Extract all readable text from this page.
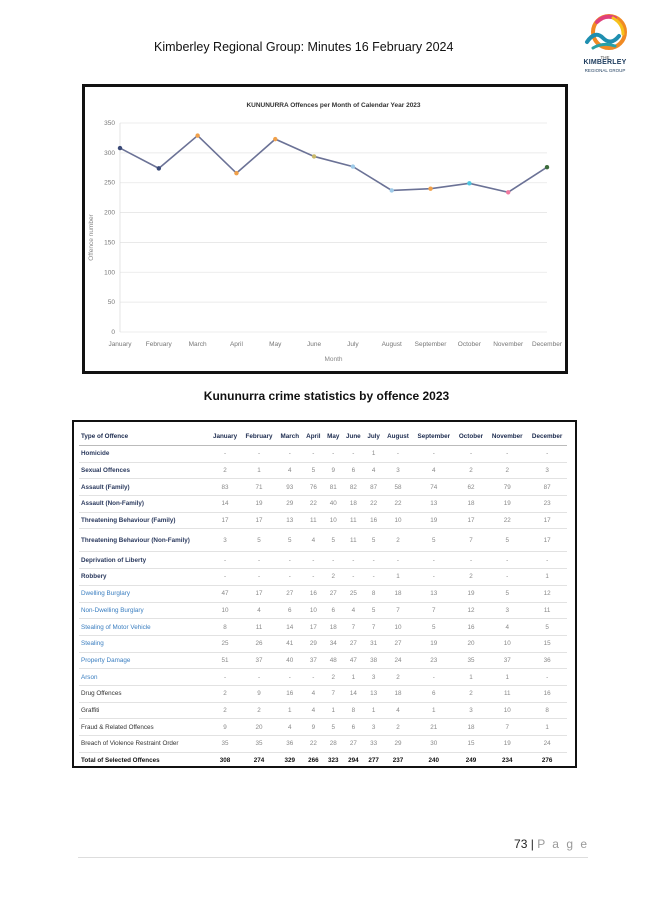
Kimberley Regional Group: Minutes 16 February 2024
THE
KIMBERLEY
REGIONAL GROUP
KUNUNURRA Offences per Month of Calendar Year 2023
0
50
100
150
200
250
300
350
Offence number
January February	March	April	May	June	July	August September October November December
Month
Kununurra crime statistics by offence 2023
Type of Offence	January	February	March	April	May	June	July	August	September	October	November	December
Homicide	-	-	-	-	-	-	1	-	-	-	-	-
Sexual Offences	2	1	4	5	9	6	4	3	4	2	2	3
Assault (Family)	83	71	93	76	81	82	87	58	74	62	79	87
Assault (Non-Family)	14	19	29	22	40	18	22	22	13	18	19	23
Threatening Behaviour (Family)	17	17	13	11	10	11	16	10	19	17	22	17
Threatening Behaviour (Non-Family)	3	5	5	4	5	11	5	2	5	7	5	17
Deprivation of Liberty	-	-	-	-	-	-	-	-	-	-	-	-
Robbery	-	-	-	-	2	-	-	1	-	2	-	1
Dwelling Burglary	47	17	27	16	27	25	8	18	13	19	5	12
Non-Dwelling Burglary	10	4	6	10	6	4	5	7	7	12	3	11
Stealing of Motor Vehicle	8	11	14	17	18	7	7	10	5	16	4	5
Stealing	25	26	41	29	34	27	31	27	19	20	10	15
Property Damage	51	37	40	37	48	47	38	24	23	35	37	36
Arson	-	-	-	-	2	1	3	2	-	1	1	-
Drug Offences	2	9	16	4	7	14	13	18	6	2	11	16
Graffiti	2	2	1	4	1	8	1	4	1	3	10	8
Fraud & Related Offences	9	20	4	9	5	6	3	2	21	18	7	1
Breach of Violence Restraint Order	35	35	36	22	28	27	33	29	30	15	19	24
Total of Selected Offences	308	274	329	266	323	294	277	237	240	249	234	276
73 | P a g e
